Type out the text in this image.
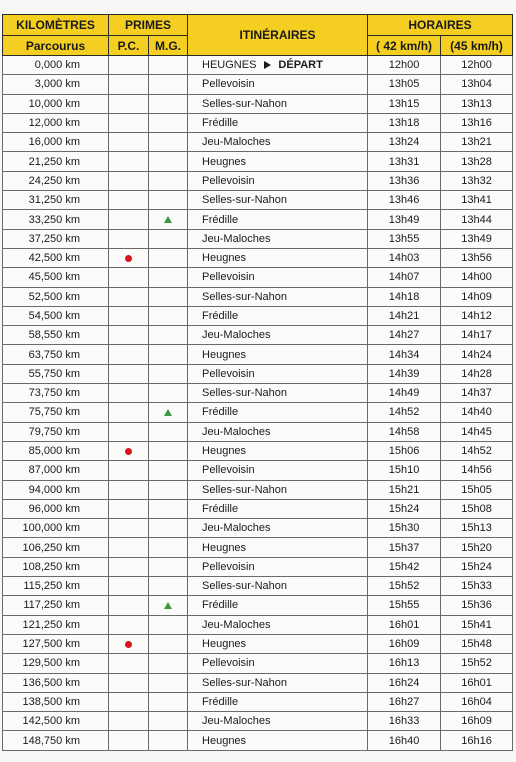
KILOMÈTRES	PRIMES		ITINÉRAIRES	HORAIRES	
Parcourus	P.C.	M.G.		( 42 km/h)	(45 km/h)
0,000 km			HEUGNES DÉPART	12h00	12h00
3,000 km			Pellevoisin	13h05	13h04
10,000 km			Selles-sur-Nahon	13h15	13h13
12,000 km			Frédille	13h18	13h16
16,000 km			Jeu-Maloches	13h24	13h21
21,250 km			Heugnes	13h31	13h28
24,250 km			Pellevoisin	13h36	13h32
31,250 km			Selles-sur-Nahon	13h46	13h41
33,250 km			Frédille	13h49	13h44
37,250 km			Jeu-Maloches	13h55	13h49
42,500 km			Heugnes	14h03	13h56
45,500 km			Pellevoisin	14h07	14h00
52,500 km			Selles-sur-Nahon	14h18	14h09
54,500 km			Frédille	14h21	14h12
58,550 km			Jeu-Maloches	14h27	14h17
63,750 km			Heugnes	14h34	14h24
55,750 km			Pellevoisin	14h39	14h28
73,750 km			Selles-sur-Nahon	14h49	14h37
75,750 km			Frédille	14h52	14h40
79,750 km			Jeu-Maloches	14h58	14h45
85,000 km			Heugnes	15h06	14h52
87,000 km			Pellevoisin	15h10	14h56
94,000 km			Selles-sur-Nahon	15h21	15h05
96,000 km			Frédille	15h24	15h08
100,000 km			Jeu-Maloches	15h30	15h13
106,250 km			Heugnes	15h37	15h20
108,250 km			Pellevoisin	15h42	15h24
115,250 km			Selles-sur-Nahon	15h52	15h33
117,250 km			Frédille	15h55	15h36
121,250 km			Jeu-Maloches	16h01	15h41
127,500 km			Heugnes	16h09	15h48
129,500 km			Pellevoisin	16h13	15h52
136,500 km			Selles-sur-Nahon	16h24	16h01
138,500 km			Frédille	16h27	16h04
142,500 km			Jeu-Maloches	16h33	16h09
148,750 km			Heugnes	16h40	16h16
